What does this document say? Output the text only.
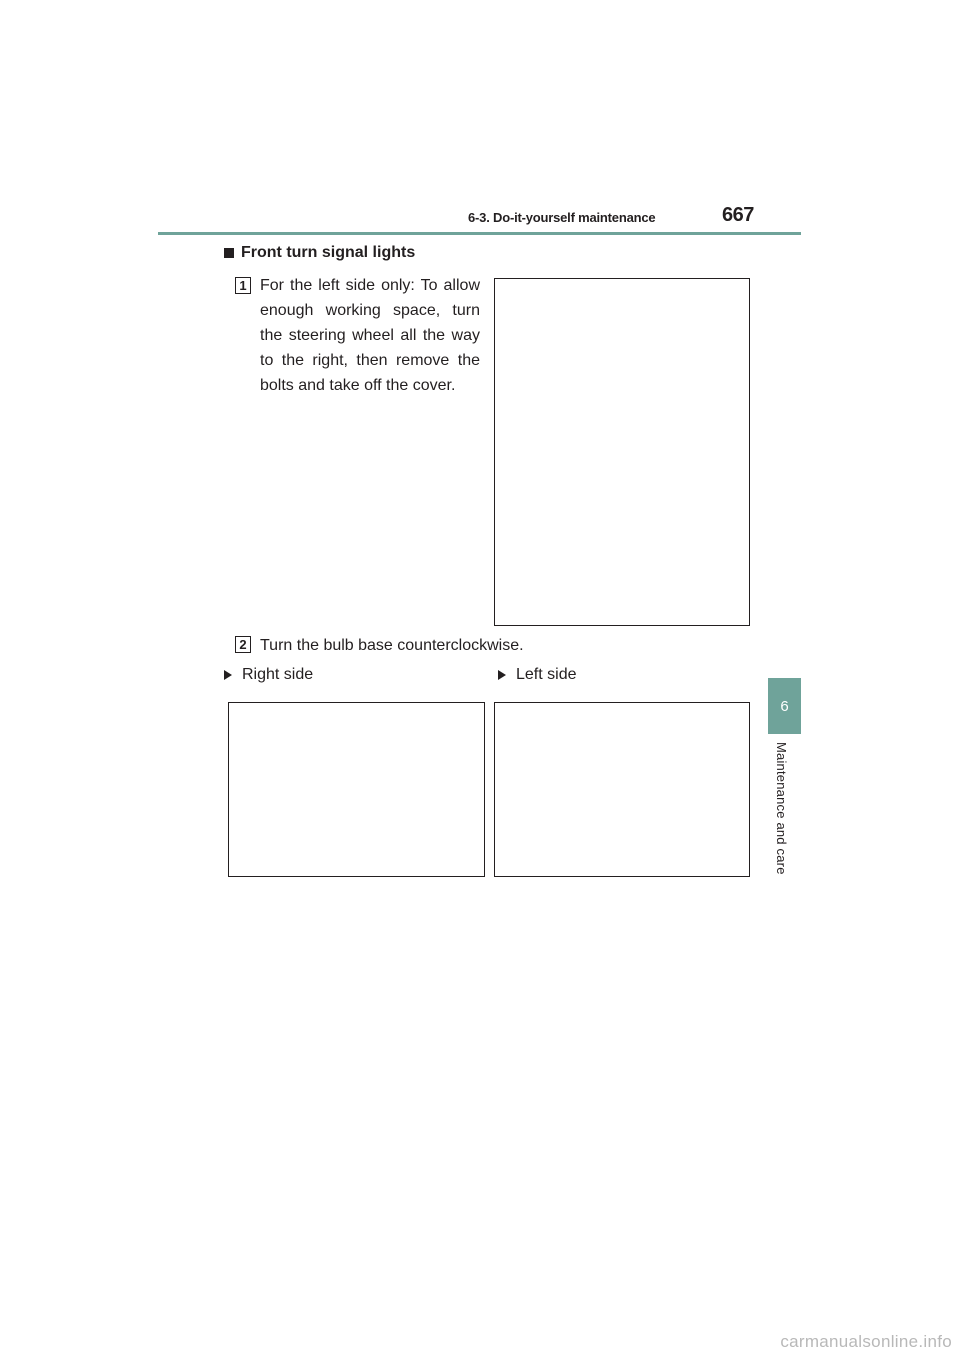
6-3. Do-it-yourself maintenance	667
6
Maintenance and care
Front turn signal lights
1 For the left side only: To allow enough working space, turn the steering wheel all the way to the right, then remove the bolts and take off the cover.
2 Turn the bulb base counterclockwise.
Right side	Left side
carmanualsonline.info
